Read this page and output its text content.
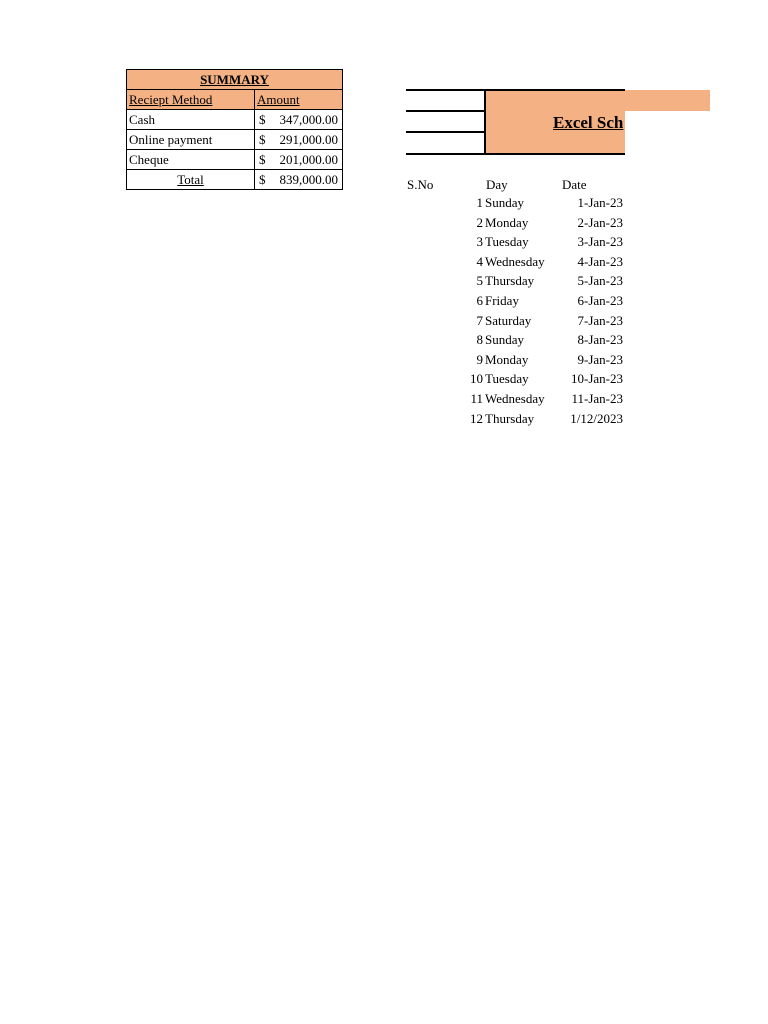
SUMMARY	
Reciept Method	Amount
Cash	$ 347,000.00

Online payment	$ 291,000.00

Cheque	$ 201,000.00

Total	$ 839,000.00
Excel Sch
S.No	Day	Date
1 Sunday	1-Jan-23
2 Monday	2-Jan-23
3 Tuesday	3-Jan-23
4 Wednesday	4-Jan-23
5 Thursday	5-Jan-23
6 Friday	6-Jan-23
7 Saturday	7-Jan-23
8 Sunday	8-Jan-23
9 Monday	9-Jan-23
10 Tuesday	10-Jan-23
11 Wednesday 11-Jan-23
12 Thursday	1/12/2023
